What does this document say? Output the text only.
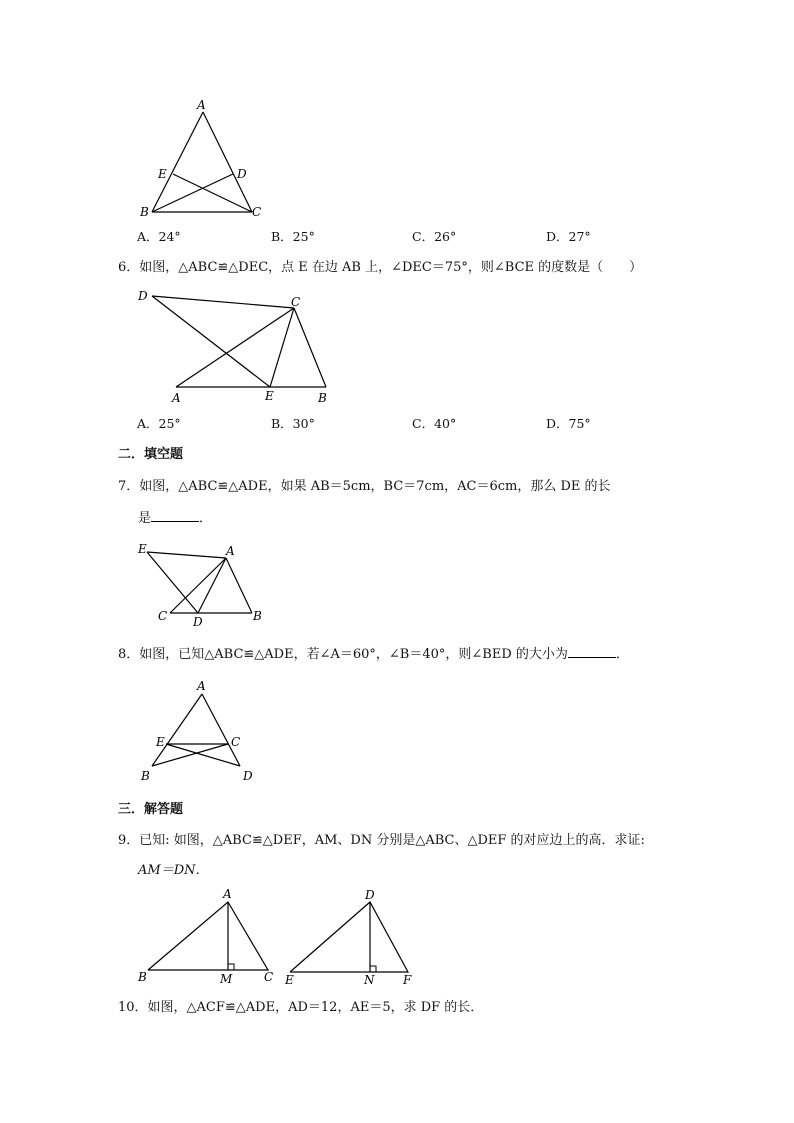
A
E	D
B	C
A．24°	B．25°	C．26°	D．27°
6．如图，△ABC≌△DEC，点 E 在边 AB 上，∠DEC＝75°，则∠BCE 的度数是（　　）
D	C
A	E	B
A．25°	B．30°	C．40°	D．75°
二．填空题
7．如图，△ABC≌△ADE，如果 AB＝5cm，BC＝7cm，AC＝6cm，那么 DE 的长
是	．
E	A
C D	B
8．如图，已知△ABC≌△ADE，若∠A＝60°，∠B＝40°，则∠BED 的大小为	．
A
E	C
B	D
三．解答题
9．已知: 如图，△ABC≌△DEF，AM、DN 分别是△ABC、△DEF 的对应边上的高．求证:
AM＝DN．
A
B	M	C
D
E	N F
10．如图，△ACF≌△ADE，AD＝12，AE＝5，求 DF 的长．
